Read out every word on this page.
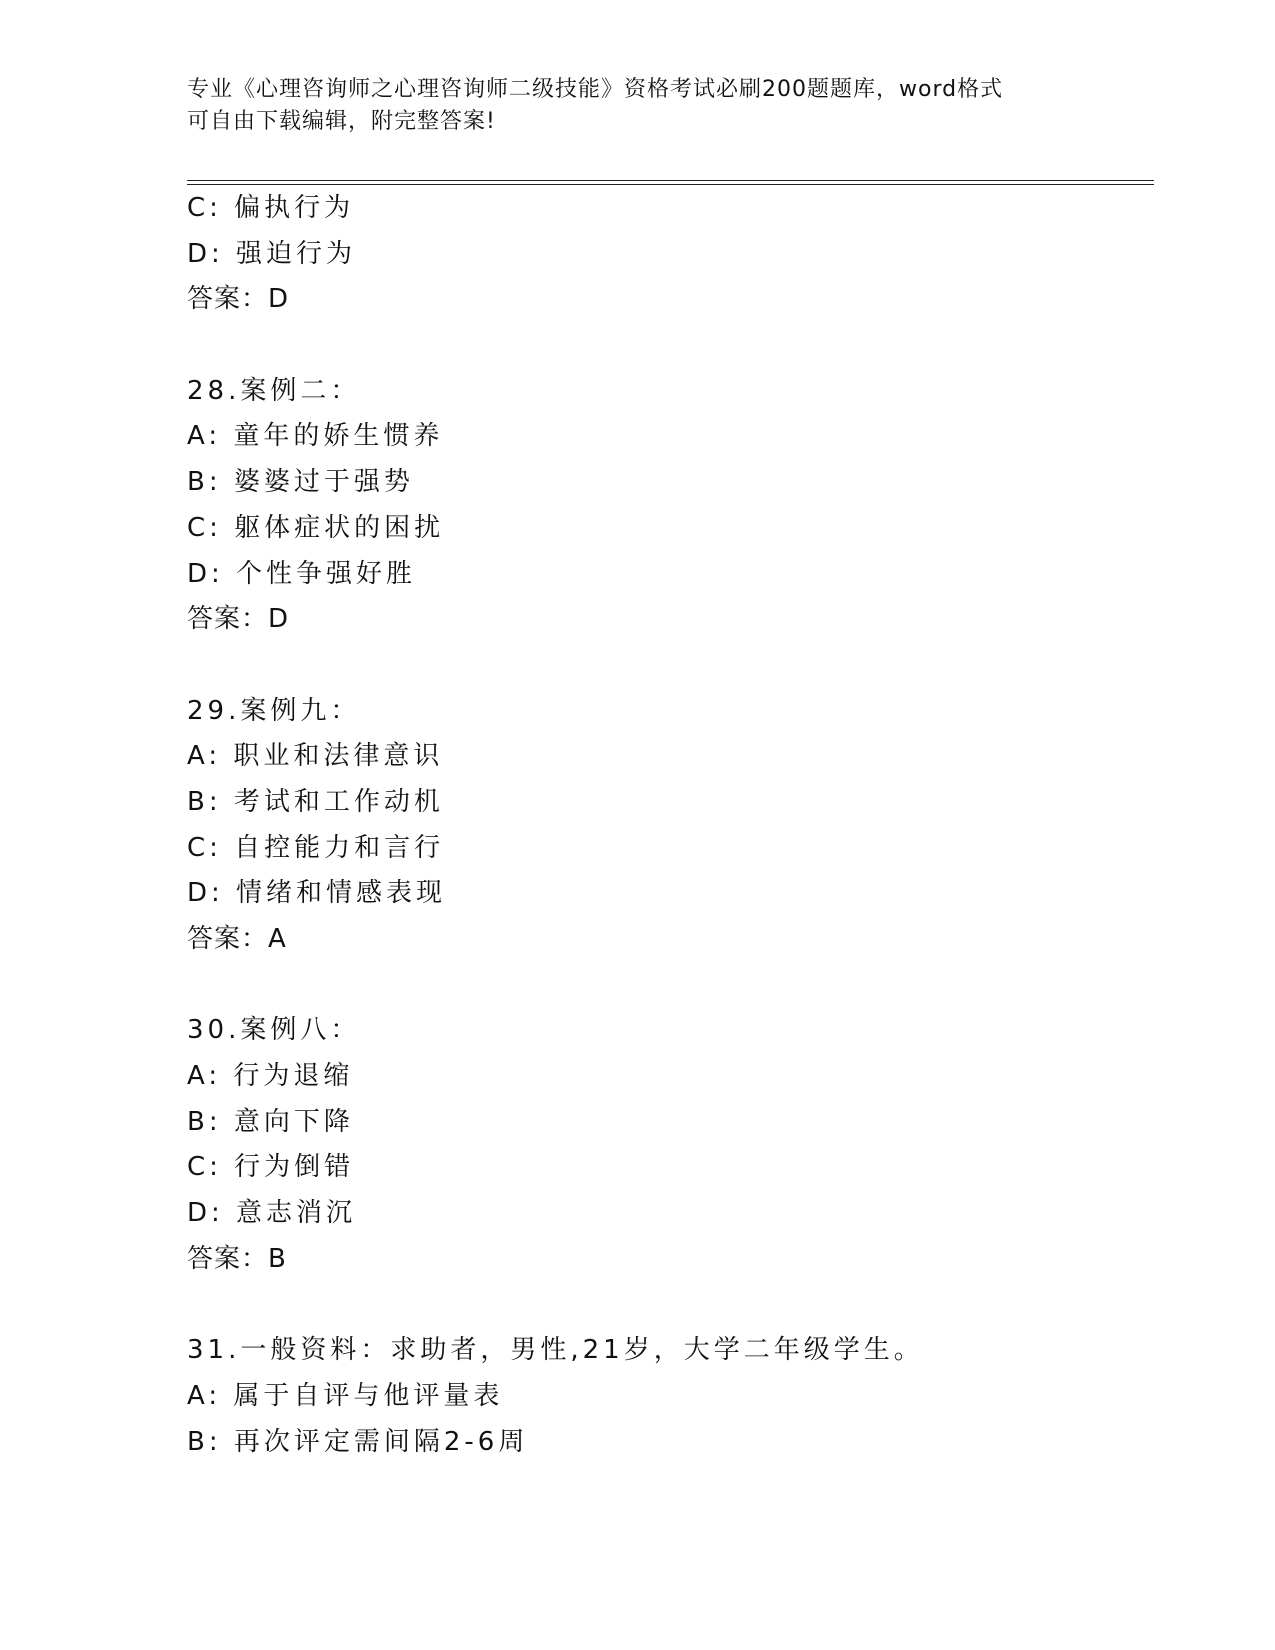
专业《心理咨询师之心理咨询师二级技能》资格考试必刷200题题库，word格式
可自由下载编辑，附完整答案!
C: 偏执行为
D: 强迫行为
答案：D
28.案例二：
A: 童年的娇生惯养
B: 婆婆过于强势
C: 躯体症状的困扰
D: 个性争强好胜
答案：D
29.案例九：
A: 职业和法律意识
B: 考试和工作动机
C: 自控能力和言行
D: 情绪和情感表现
答案：A
30.案例八：
A: 行为退缩
B: 意向下降
C: 行为倒错
D: 意志消沉
答案：B
31.一般资料：求助者，男性,21岁，大学二年级学生。
A: 属于自评与他评量表
B: 再次评定需间隔2-6周
